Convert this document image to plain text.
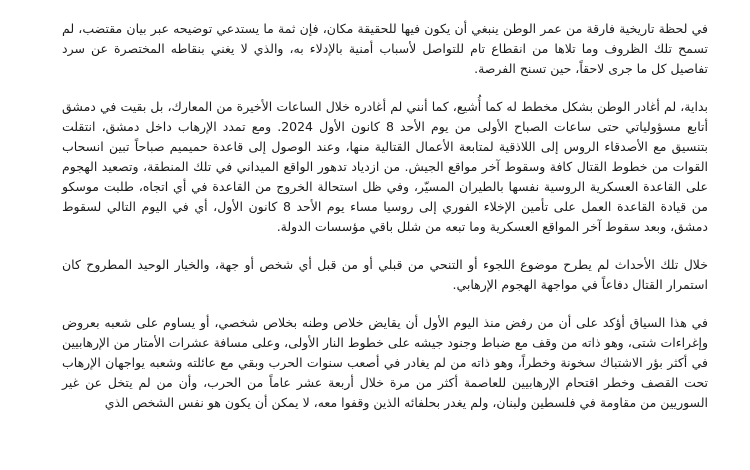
في لحظة تاريخية فارقة من عمر الوطن ينبغي أن يكون فيها للحقيقة مكان، فإن ثمة ما يستدعي توضيحه عبر بيان مقتضب، لم تسمح تلك الظروف وما تلاها من انقطاع تام للتواصل لأسباب أمنية بالإدلاء به، والذي لا يغني بنقاطه المختصرة عن سرد تفاصيل كل ما جرى لاحقاً، حين تسنح الفرصة.

بداية، لم أغادر الوطن بشكل مخطط له كما أُشيع، كما أنني لم أغادره خلال الساعات الأخيرة من المعارك، بل بقيت في دمشق أتابع مسؤولياتي حتى ساعات الصباح الأولى من يوم الأحد 8 كانون الأول 2024. ومع تمدد الإرهاب داخل دمشق، انتقلت بتنسيق مع الأصدقاء الروس إلى اللاذقية لمتابعة الأعمال القتالية منها، وعند الوصول إلى قاعدة حميميم صباحاً تبين انسحاب القوات من خطوط القتال كافة وسقوط آخر مواقع الجيش. من ازدياد تدهور الواقع الميداني في تلك المنطقة، وتصعيد الهجوم على القاعدة العسكرية الروسية نفسها بالطيران المسيّر، وفي ظل استحالة الخروج من القاعدة في أي اتجاه، طلبت موسكو من قيادة القاعدة العمل على تأمين الإخلاء الفوري إلى روسيا مساء يوم الأحد 8 كانون الأول، أي في اليوم التالي لسقوط دمشق، وبعد سقوط آخر المواقع العسكرية وما تبعه من شلل باقي مؤسسات الدولة.

خلال تلك الأحداث لم يطرح موضوع اللجوء أو التنحي من قبلي أو من قبل أي شخص أو جهة، والخيار الوحيد المطروح كان استمرار القتال دفاعاً في مواجهة الهجوم الإرهابي.

في هذا السياق أؤكد على أن من رفض منذ اليوم الأول أن يقايض خلاص وطنه بخلاص شخصي، أو يساوم على شعبه بعروض وإغراءات شتى، وهو ذاته من وقف مع ضباط وجنود جيشه على خطوط النار الأولى، وعلى مسافة عشرات الأمتار من الإرهابيين في أكثر بؤر الاشتباك سخونة وخطراً، وهو ذاته من لم يغادر في أصعب سنوات الحرب وبقي مع عائلته وشعبه يواجهان الإرهاب تحت القصف وخطر اقتحام الإرهابيين للعاصمة أكثر من مرة خلال أربعة عشر عاماً من الحرب، وأن من لم يتخل عن غير السوريين من مقاومة في فلسطين ولبنان، ولم يغدر بحلفائه الذين وقفوا معه، لا يمكن أن يكون هو نفس الشخص الذي
